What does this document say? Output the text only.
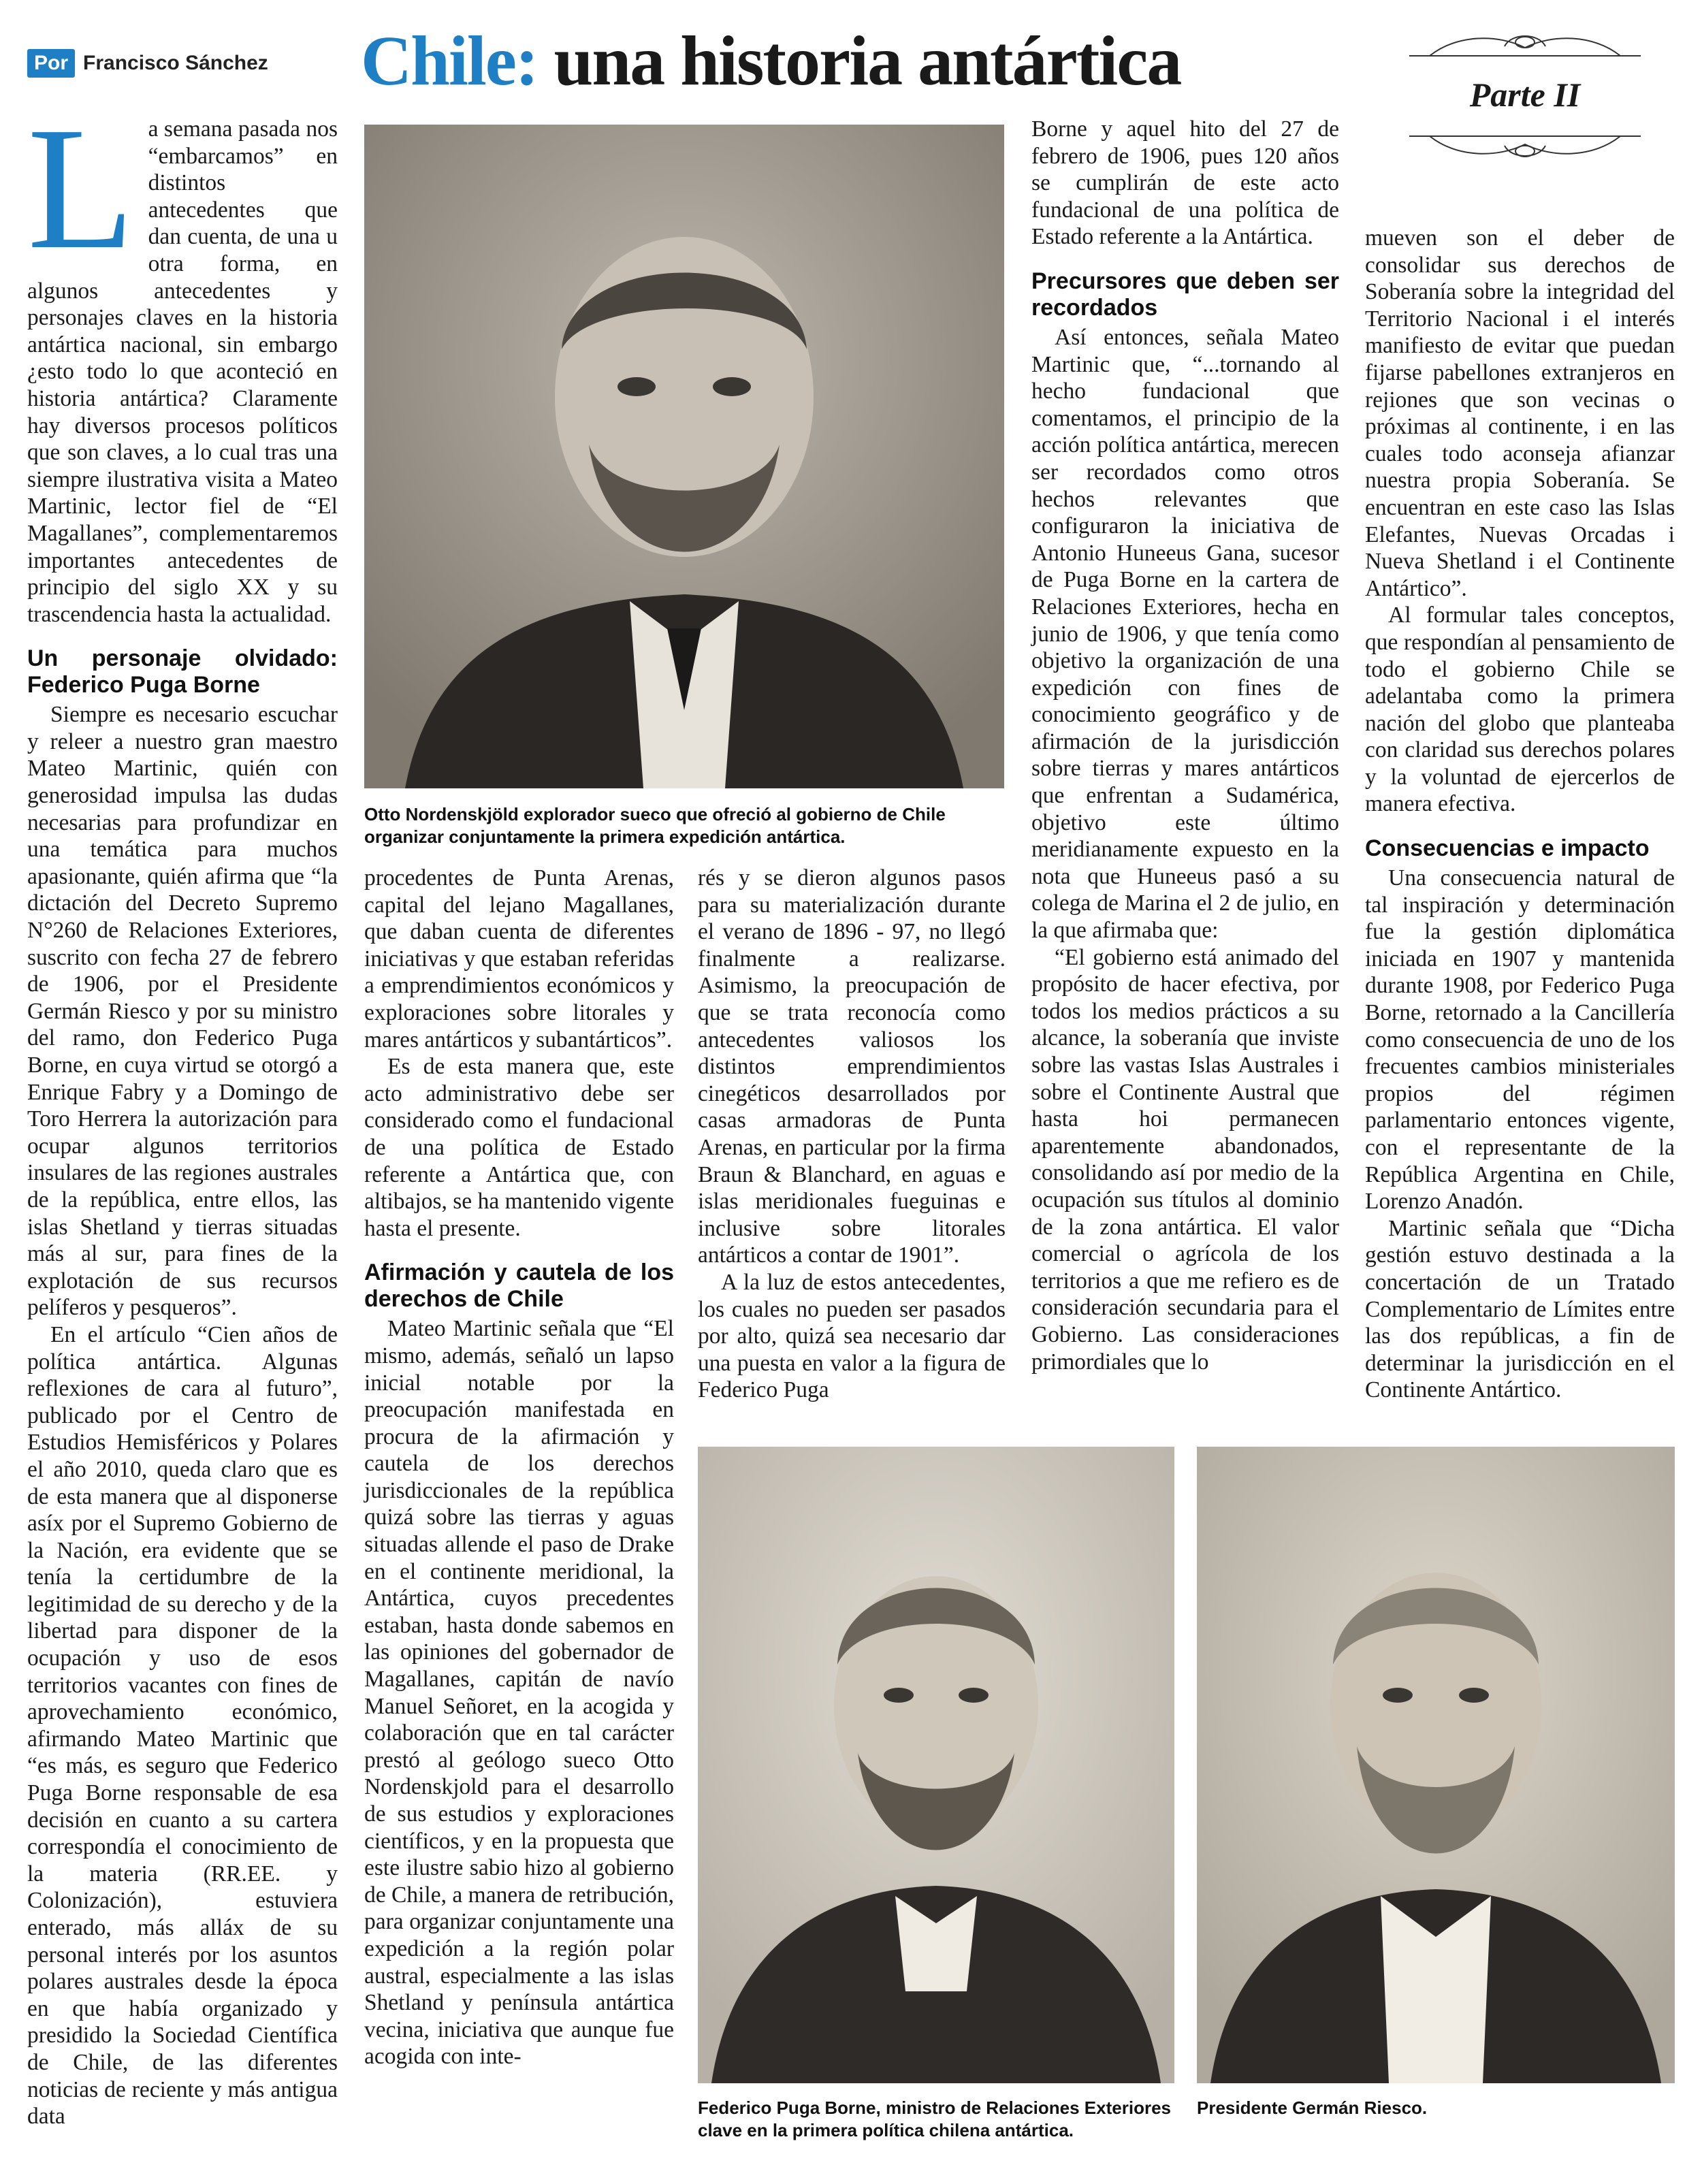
Por Francisco Sánchez Chile: una historia antártica	Parte II
L a semana pasada nos “embarcamos” en distintos antecedentes que dan cuenta, de una u otra forma, en algunos antecedentes y personajes claves en la historia antártica nacional, sin embargo ¿esto todo lo que aconteció en historia antártica? Claramente hay diversos procesos políticos que son claves, a lo cual tras una siempre ilustrativa visita a Mateo Martinic, lector fiel de “El Magallanes”, complementaremos importantes antecedentes de principio del siglo XX y su trascendencia hasta la actualidad.

Un personaje olvidado: Federico Puga Borne

Siempre es necesario escuchar y releer a nuestro gran maestro Mateo Martinic, quién con generosidad impulsa las dudas necesarias para profundizar en una temática para muchos apasionante, quién afirma que “la dictación del Decreto Supremo N°260 de Relaciones Exteriores, suscrito con fecha 27 de febrero de 1906, por el Presidente Germán Riesco y por su ministro del ramo, don Federico Puga Borne, en cuya virtud se otorgó a Enrique Fabry y a Domingo de Toro Herrera la autorización para ocupar algunos territorios insulares de las regiones australes de la república, entre ellos, las islas Shetland y tierras situadas más al sur, para fines de la explotación de sus recursos pelíferos y pesqueros”.

En el artículo “Cien años de política antártica. Algunas reflexiones de cara al futuro”, publicado por el Centro de Estudios Hemisféricos y Polares el año 2010, queda claro que es de esta manera que al disponerse asíx por el Supremo Gobierno de la Nación, era evidente que se tenía la certidumbre de la legitimidad de su derecho y de la libertad para disponer de la ocupación y uso de esos territorios vacantes con fines de aprovechamiento económico, afirmando Mateo Martinic que “es más, es seguro que Federico Puga Borne responsable de esa decisión en cuanto a su cartera correspondía el conocimiento de la materia (RR.EE. y Colonización), estuviera enterado, más alláx de su personal interés por los asuntos polares australes desde la época en que había organizado y presidido la Sociedad Científica de Chile, de las diferentes noticias de reciente y más antigua data

Otto Nordenskjöld explorador sueco que ofreció al gobierno de Chile organizar conjuntamente la primera expedición antártica.

procedentes de Punta Arenas, capital del lejano Magallanes, que daban cuenta de diferentes iniciativas y que estaban referidas a emprendimientos económicos y exploraciones sobre litorales y mares antárticos y subantárticos”.

Es de esta manera que, este acto administrativo debe ser considerado como el fundacional de una política de Estado referente a Antártica que, con altibajos, se ha mantenido vigente hasta el presente.

Afirmación y cautela de los derechos de Chile

Mateo Martinic señala que “El mismo, además, señaló un lapso inicial notable por la preocupación manifestada en procura de la afirmación y cautela de los derechos jurisdiccionales de la república quizá sobre las tierras y aguas situadas allende el paso de Drake en el continente meridional, la Antártica, cuyos precedentes estaban, hasta donde sabemos en las opiniones del gobernador de Magallanes, capitán de navío Manuel Señoret, en la acogida y colaboración que en tal carácter prestó al geólogo sueco Otto Nordenskjold para el desarrollo de sus estudios y exploraciones científicos, y en la propuesta que este ilustre sabio hizo al gobierno de Chile, a manera de retribución, para organizar conjuntamente una expedición a la región polar austral, especialmente a las islas Shetland y península antártica vecina, iniciativa que aunque fue acogida con inte-

rés y se dieron algunos pasos para su materialización durante el verano de 1896 - 97, no llegó finalmente a realizarse. Asimismo, la preocupación de que se trata reconocía como antecedentes valiosos los distintos emprendimientos cinegéticos desarrollados por casas armadoras de Punta Arenas, en particular por la firma Braun & Blanchard, en aguas e islas meridionales fueguinas e inclusive sobre litorales antárticos a contar de 1901”.

A la luz de estos antecedentes, los cuales no pueden ser pasados por alto, quizá sea necesario dar una puesta en valor a la figura de Federico Puga

Borne y aquel hito del 27 de febrero de 1906, pues 120 años se cumplirán de este acto fundacional de una política de Estado referente a la Antártica.

Precursores que deben ser recordados

Así entonces, señala Mateo Martinic que, “...tornando al hecho fundacional que comentamos, el principio de la acción política antártica, merecen ser recordados como otros hechos relevantes que configuraron la iniciativa de Antonio Huneeus Gana, sucesor de Puga Borne en la cartera de Relaciones Exteriores, hecha en junio de 1906, y que tenía como objetivo la organización de una expedición con fines de conocimiento geográfico y de afirmación de la jurisdicción sobre tierras y mares antárticos que enfrentan a Sudamérica, objetivo este último meridianamente expuesto en la nota que Huneeus pasó a su colega de Marina el 2 de julio, en la que afirmaba que:

“El gobierno está animado del propósito de hacer efectiva, por todos los medios prácticos a su alcance, la soberanía que inviste sobre las vastas Islas Australes i sobre el Continente Austral que hasta hoi permanecen aparentemente abandonados, consolidando así por medio de la ocupación sus títulos al dominio de la zona antártica. El valor comercial o agrícola de los territorios a que me refiero es de consideración secundaria para el Gobierno. Las consideraciones primordiales que lo

mueven son el deber de consolidar sus derechos de Soberanía sobre la integridad del Territorio Nacional i el interés manifiesto de evitar que puedan fijarse pabellones extranjeros en rejiones que son vecinas o próximas al continente, i en las cuales todo aconseja afianzar nuestra propia Soberanía. Se encuentran en este caso las Islas Elefantes, Nuevas Orcadas i Nueva Shetland i el Continente Antártico”.

Al formular tales conceptos, que respondían al pensamiento de todo el gobierno Chile se adelantaba como la primera nación del globo que planteaba con claridad sus derechos polares y la voluntad de ejercerlos de manera efectiva.

Consecuencias e impacto

Una consecuencia natural de tal inspiración y determinación fue la gestión diplomática iniciada en 1907 y mantenida durante 1908, por Federico Puga Borne, retornado a la Cancillería como consecuencia de uno de los frecuentes cambios ministeriales propios del régimen parlamentario entonces vigente, con el representante de la República Argentina en Chile, Lorenzo Anadón.

Martinic señala que “Dicha gestión estuvo destinada a la concertación de un Tratado Complementario de Límites entre las dos repúblicas, a fin de determinar la jurisdicción en el Continente Antártico.

Federico Puga Borne, ministro de Relaciones Exteriores clave en la primera política chilena antártica.
Presidente Germán Riesco.
